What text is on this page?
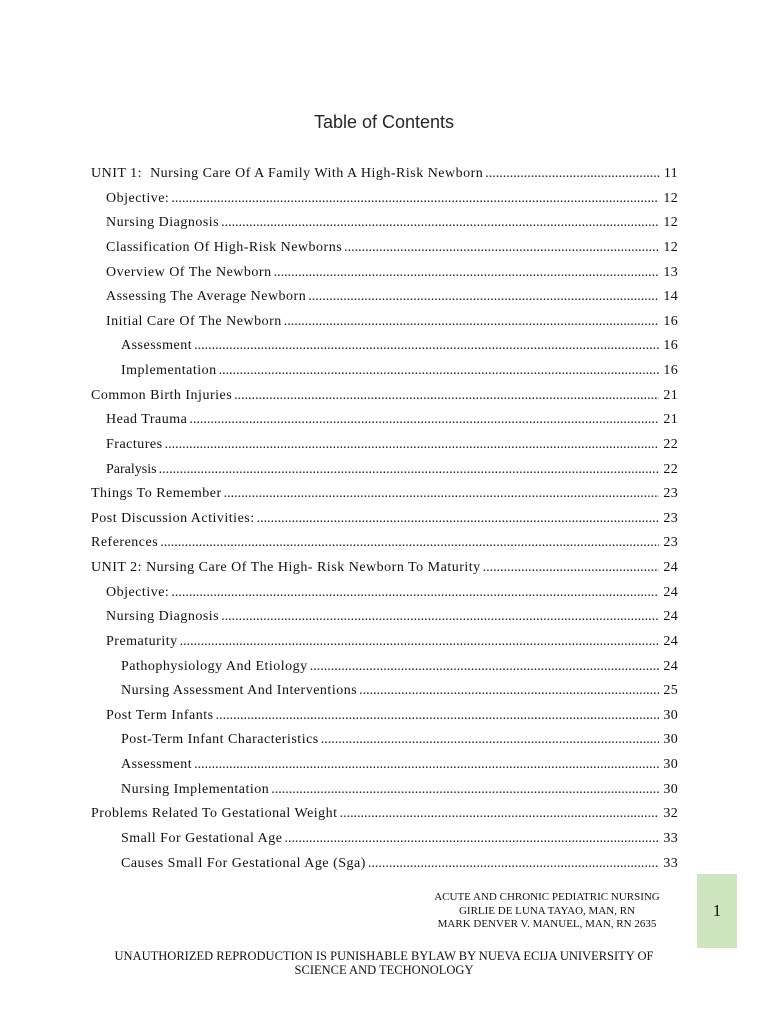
Table of Contents
UNIT 1:  Nursing Care Of A Family With A High-Risk Newborn .....	11
Objective: .....	12
Nursing Diagnosis .....	12
Classification Of High-Risk Newborns .....	12
Overview Of The Newborn .....	13
Assessing The Average Newborn .....	14
Initial Care Of The Newborn .....	16
Assessment .....	16
Implementation .....	16
Common Birth Injuries .....	21
Head Trauma .....	21
Fractures .....	22
Paralysis .....	22
Things To Remember .....	23
Post Discussion Activities: .....	23
References .....	23
UNIT 2: Nursing Care Of The High- Risk Newborn To Maturity .....	24
Objective: .....	24
Nursing Diagnosis .....	24
Prematurity .....	24
Pathophysiology And Etiology .....	24
Nursing Assessment And Interventions .....	25
Post Term Infants .....	30
Post-Term Infant Characteristics .....	30
Assessment .....	30
Nursing Implementation .....	30
Problems Related To Gestational Weight .....	32
Small For Gestational Age .....	33
Causes Small For Gestational Age (Sga) .....	33
ACUTE AND CHRONIC PEDIATRIC NURSING
GIRLIE DE LUNA TAYAO, MAN, RN
MARK DENVER V. MANUEL, MAN, RN 2635
1
UNAUTHORIZED REPRODUCTION IS PUNISHABLE BYLAW BY NUEVA ECIJA UNIVERSITY OF
SCIENCE AND TECHONOLOGY
